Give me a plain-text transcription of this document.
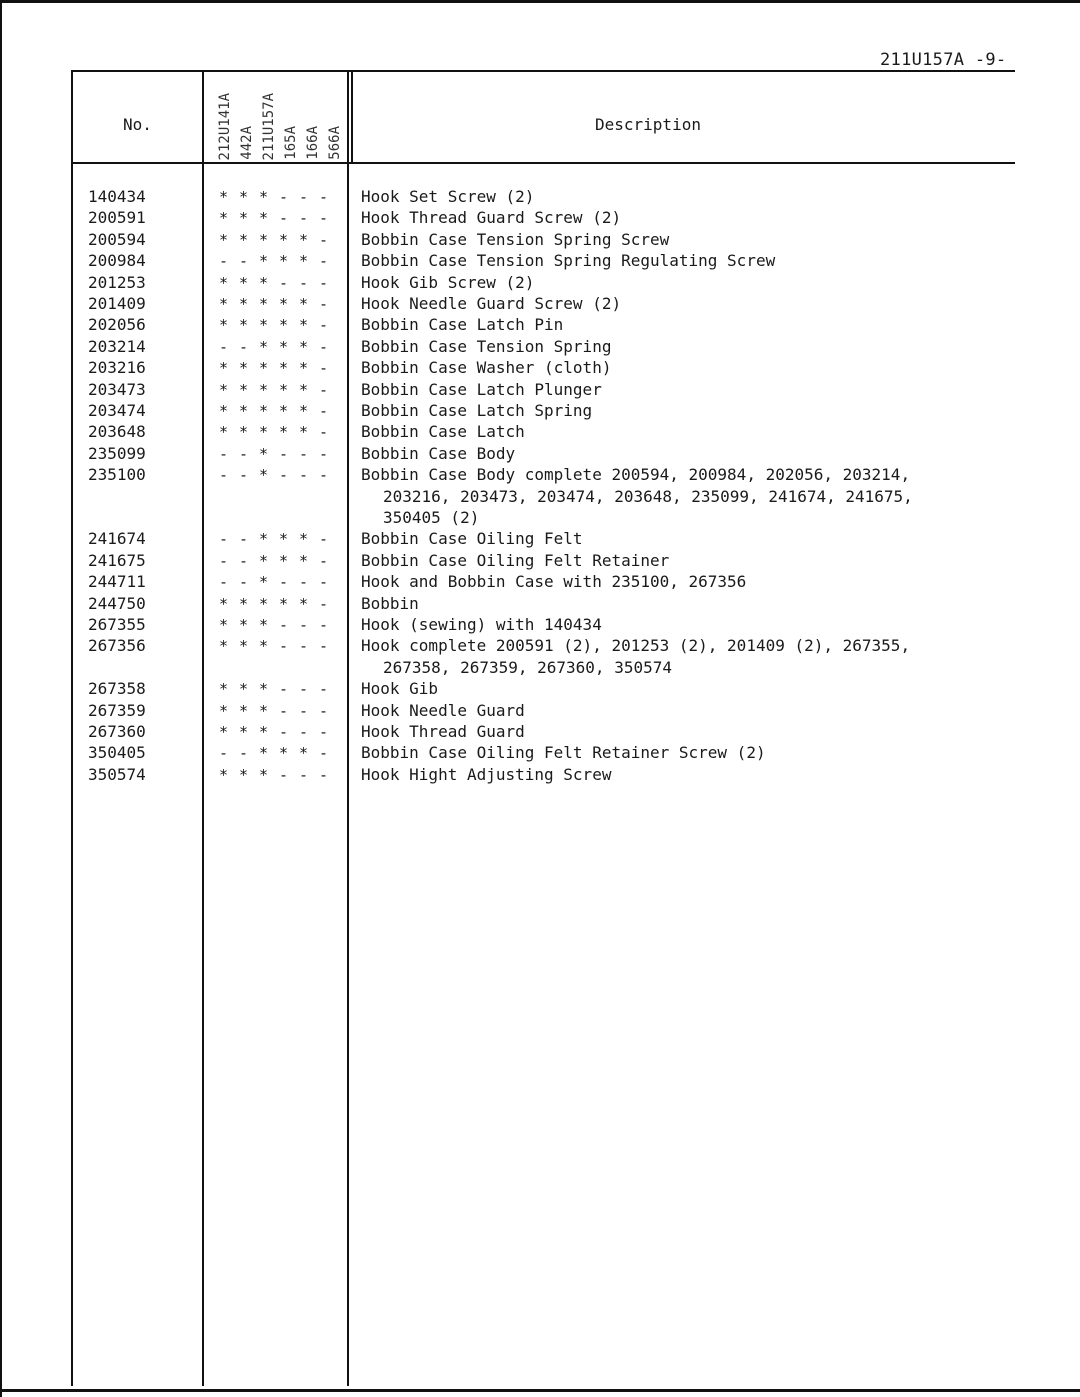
211U157A -9-
No.	Description
212U141A 442A 211U157A 165A 166A 566A
140434	* * * - - -	Hook Set Screw (2)
200591	* * * - - -	Hook Thread Guard Screw (2)
200594	* * * * * -	Bobbin Case Tension Spring Screw
200984	- - * * * -	Bobbin Case Tension Spring Regulating Screw
201253	* * * - - -	Hook Gib Screw (2)
201409	* * * * * -	Hook Needle Guard Screw (2)
202056	* * * * * -	Bobbin Case Latch Pin
203214	- - * * * -	Bobbin Case Tension Spring
203216	* * * * * -	Bobbin Case Washer (cloth)
203473	* * * * * -	Bobbin Case Latch Plunger
203474	* * * * * -	Bobbin Case Latch Spring
203648	* * * * * -	Bobbin Case Latch
235099	- - * - - -	Bobbin Case Body
235100	- - * - - -	Bobbin Case Body complete 200594, 200984, 202056, 203214,
203216, 203473, 203474, 203648, 235099, 241674, 241675,
350405 (2)
241674	- - * * * -	Bobbin Case Oiling Felt
241675	- - * * * -	Bobbin Case Oiling Felt Retainer
244711	- - * - - -	Hook and Bobbin Case with 235100, 267356
244750	* * * * * -	Bobbin
267355	* * * - - -	Hook (sewing) with 140434
267356	* * * - - -	Hook complete 200591 (2), 201253 (2), 201409 (2), 267355,
267358, 267359, 267360, 350574
267358	* * * - - -	Hook Gib
267359	* * * - - -	Hook Needle Guard
267360	* * * - - -	Hook Thread Guard
350405	- - * * * -	Bobbin Case Oiling Felt Retainer Screw (2)
350574	* * * - - -	Hook Hight Adjusting Screw
